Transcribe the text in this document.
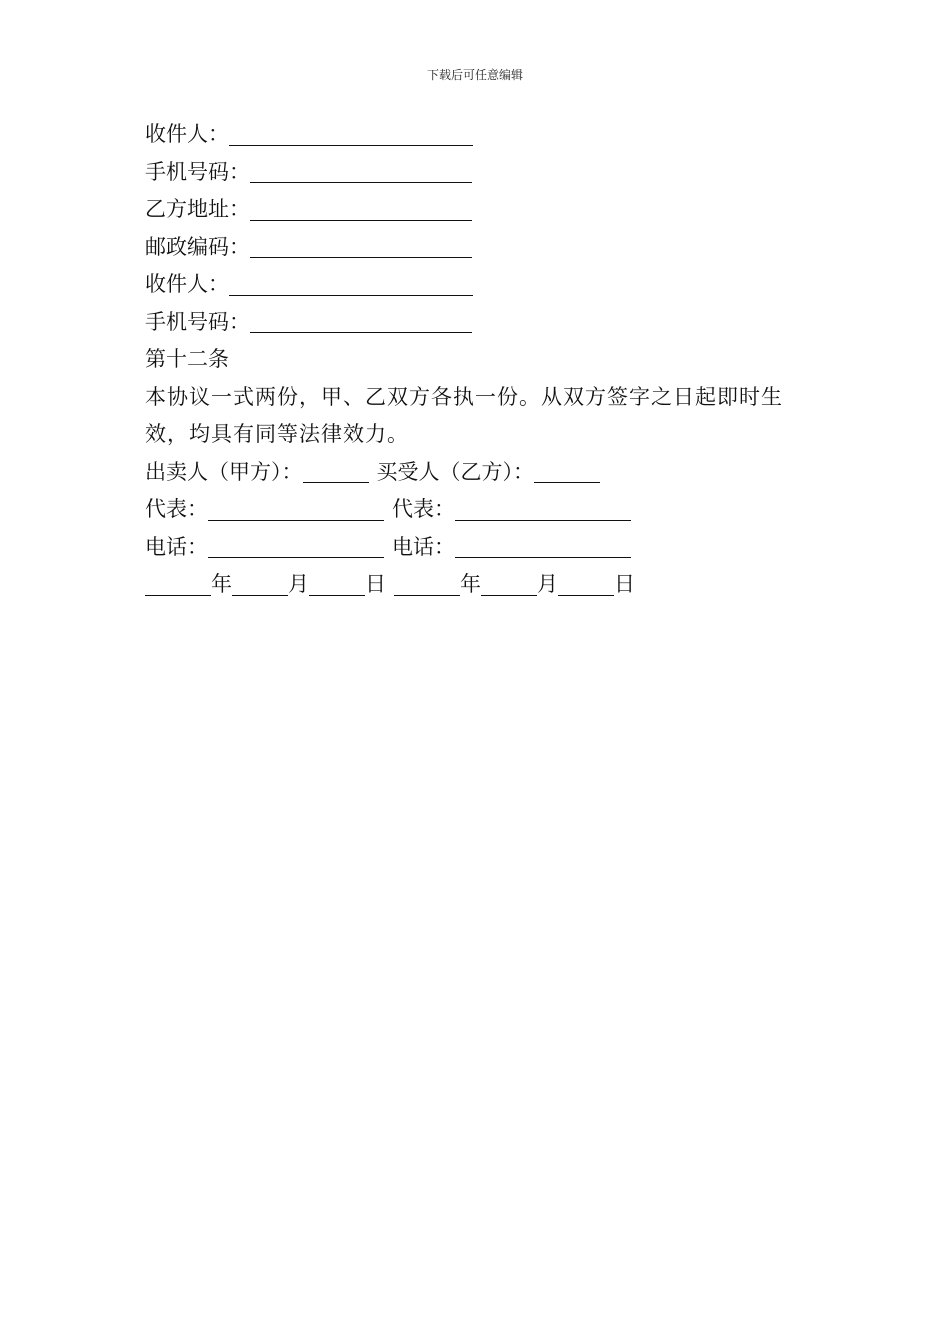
下载后可任意编辑
收件人：
手机号码：
乙方地址：
邮政编码：
收件人：
手机号码：
第十二条
本协议一式两份，甲、乙双方各执一份。从双方签字之日起即时生效，均具有同等法律效力。
出卖人（甲方）：	买受人（乙方）：
代表：	代表：
电话：	电话：
年	月	日	年	月	日
